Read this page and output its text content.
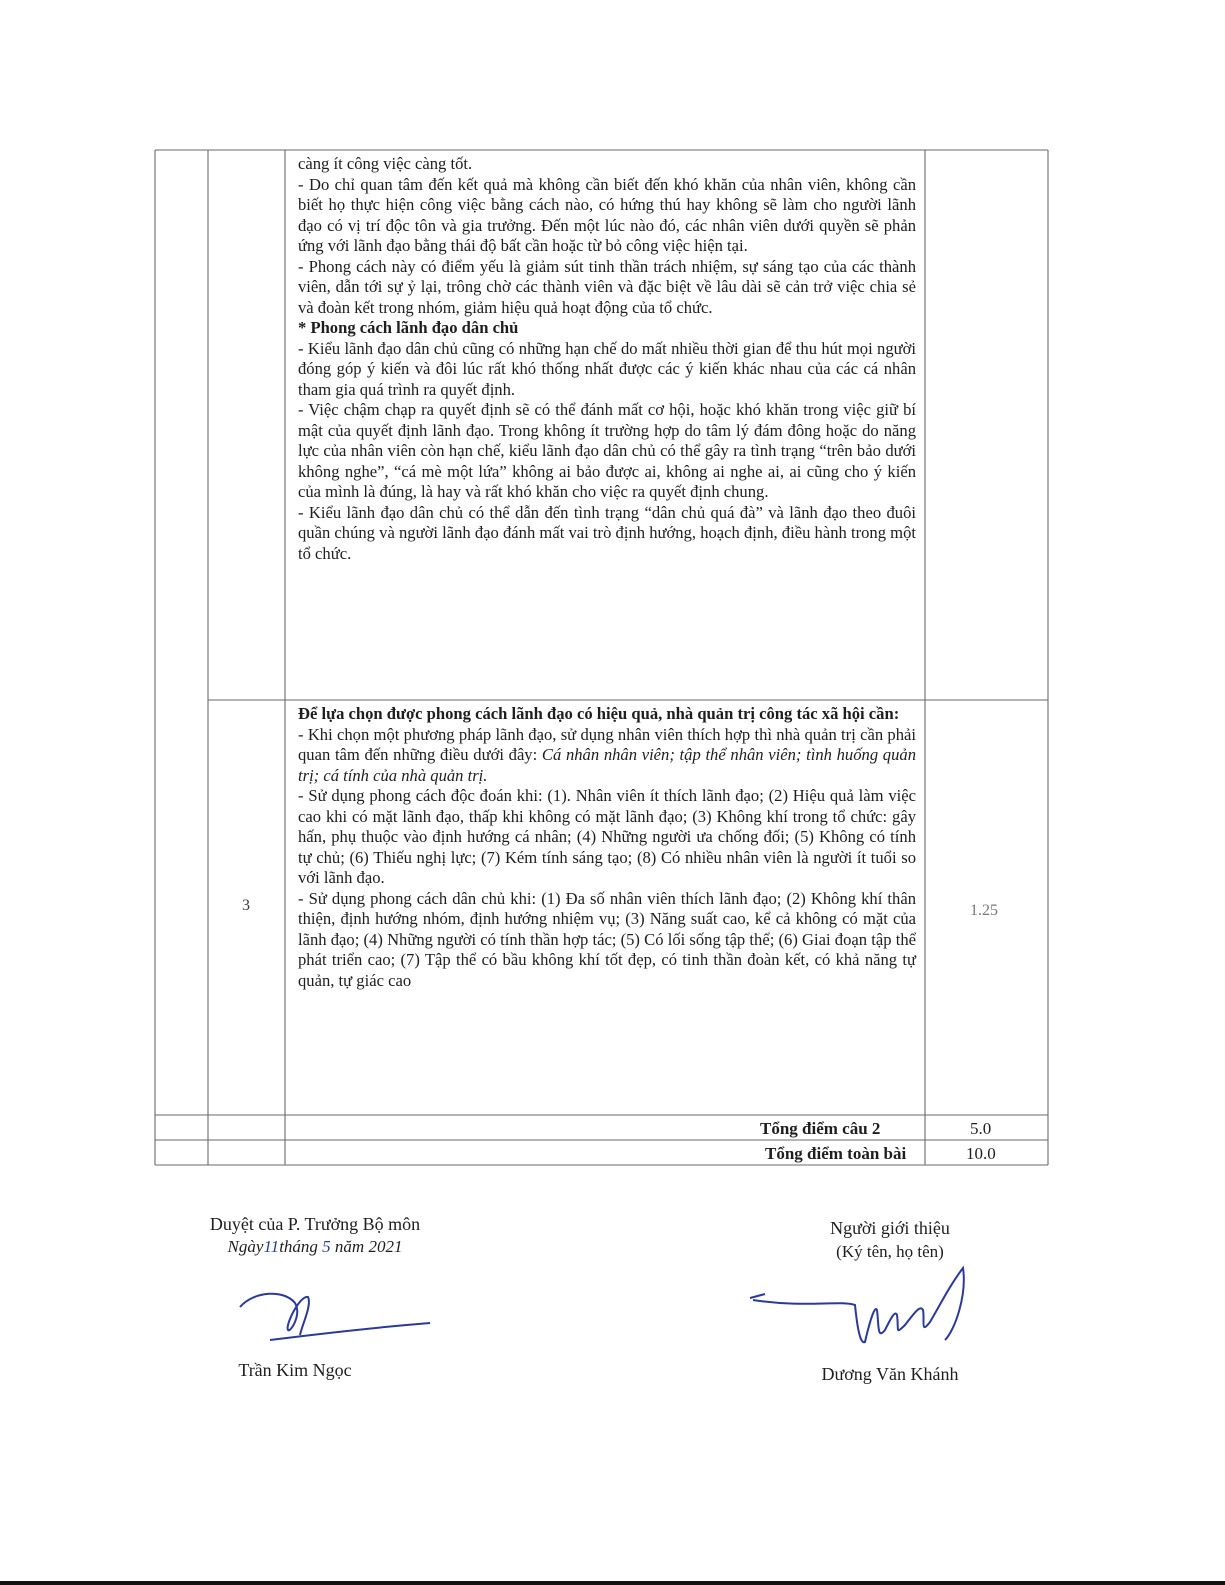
càng ít công việc càng tốt.

- Do chỉ quan tâm đến kết quả mà không cần biết đến khó khăn của nhân viên, không cần biết họ thực hiện công việc bằng cách nào, có hứng thú hay không sẽ làm cho người lãnh đạo có vị trí độc tôn và gia trưởng. Đến một lúc nào đó, các nhân viên dưới quyền sẽ phản ứng với lãnh đạo bằng thái độ bất cần hoặc từ bỏ công việc hiện tại.

- Phong cách này có điểm yếu là giảm sút tinh thần trách nhiệm, sự sáng tạo của các thành viên, dẫn tới sự ỷ lại, trông chờ các thành viên và đặc biệt về lâu dài sẽ cản trở việc chia sẻ và đoàn kết trong nhóm, giảm hiệu quả hoạt động của tổ chức.

* Phong cách lãnh đạo dân chủ

- Kiểu lãnh đạo dân chủ cũng có những hạn chế do mất nhiều thời gian để thu hút mọi người đóng góp ý kiến và đôi lúc rất khó thống nhất được các ý kiến khác nhau của các cá nhân tham gia quá trình ra quyết định.

- Việc chậm chạp ra quyết định sẽ có thể đánh mất cơ hội, hoặc khó khăn trong việc giữ bí mật của quyết định lãnh đạo. Trong không ít trường hợp do tâm lý đám đông hoặc do năng lực của nhân viên còn hạn chế, kiểu lãnh đạo dân chủ có thể gây ra tình trạng “trên bảo dưới không nghe”, “cá mè một lứa” không ai bảo được ai, không ai nghe ai, ai cũng cho ý kiến của mình là đúng, là hay và rất khó khăn cho việc ra quyết định chung.

- Kiểu lãnh đạo dân chủ có thể dẫn đến tình trạng “dân chủ quá đà” và lãnh đạo theo đuôi quần chúng và người lãnh đạo đánh mất vai trò định hướng, hoạch định, điều hành trong một tổ chức.

3

Để lựa chọn được phong cách lãnh đạo có hiệu quả, nhà quản trị công tác xã hội cần:

- Khi chọn một phương pháp lãnh đạo, sử dụng nhân viên thích hợp thì nhà quản trị cần phải quan tâm đến những điều dưới đây: Cá nhân nhân viên; tập thể nhân viên; tình huống quản trị; cá tính của nhà quản trị.

- Sử dụng phong cách độc đoán khi: (1). Nhân viên ít thích lãnh đạo; (2) Hiệu quả làm việc cao khi có mặt lãnh đạo, thấp khi không có mặt lãnh đạo; (3) Không khí trong tổ chức: gây hấn, phụ thuộc vào định hướng cá nhân; (4) Những người ưa chống đối; (5) Không có tính tự chủ; (6) Thiếu nghị lực; (7) Kém tính sáng tạo; (8) Có nhiều nhân viên là người ít tuổi so với lãnh đạo.

- Sử dụng phong cách dân chủ khi: (1) Đa số nhân viên thích lãnh đạo; (2) Không khí thân thiện, định hướng nhóm, định hướng nhiệm vụ; (3) Năng suất cao, kể cả không có mặt của lãnh đạo; (4) Những người có tính thần hợp tác; (5) Có lối sống tập thể; (6) Giai đoạn tập thể phát triển cao; (7) Tập thể có bầu không khí tốt đẹp, có tinh thần đoàn kết, có khả năng tự quản, tự giác cao

1.25
Tổng điểm câu 2	5.0
Tổng điểm toàn bài	10.0
Duyệt của P. Trưởng Bộ môn
Ngày11tháng 5 năm 2021
Trần Kim Ngọc
Người giới thiệu
(Ký tên, họ tên)
Dương Văn Khánh
